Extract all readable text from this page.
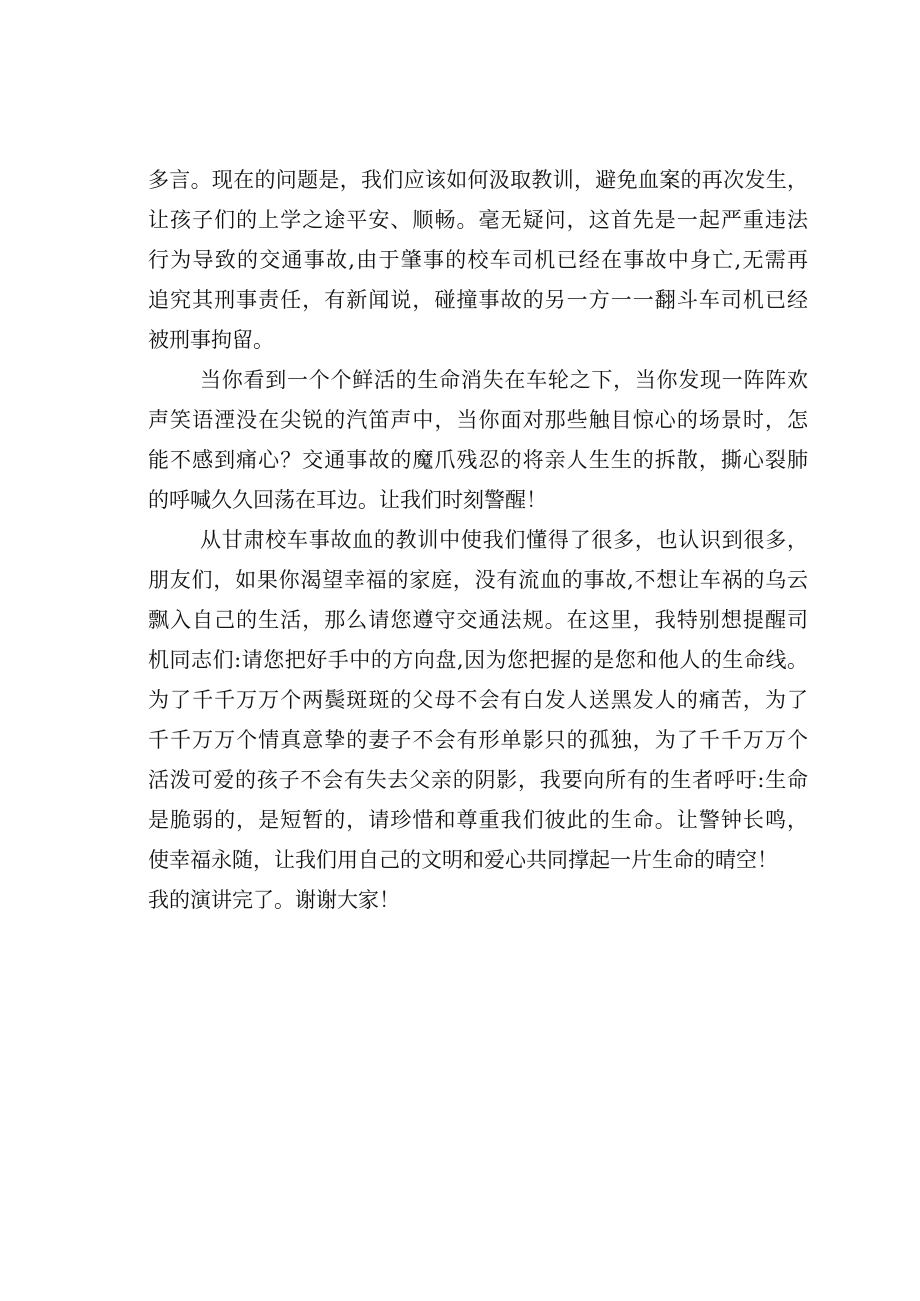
多言。现在的问题是，我们应该如何汲取教训，避免血案的再次发生，
让孩子们的上学之途平安、顺畅。毫无疑问，这首先是一起严重违法
行为导致的交通事故,由于肇事的校车司机已经在事故中身亡,无需再
追究其刑事责任，有新闻说，碰撞事故的另一方一一翻斗车司机已经
被刑事拘留。
当你看到一个个鲜活的生命消失在车轮之下，当你发现一阵阵欢
声笑语湮没在尖锐的汽笛声中，当你面对那些触目惊心的场景时，怎
能不感到痛心？交通事故的魔爪残忍的将亲人生生的拆散，撕心裂肺
的呼喊久久回荡在耳边。让我们时刻警醒！
从甘肃校车事故血的教训中使我们懂得了很多，也认识到很多，
朋友们，如果你渴望幸福的家庭，没有流血的事故,不想让车祸的乌云
飘入自己的生活，那么请您遵守交通法规。在这里，我特别想提醒司
机同志们:请您把好手中的方向盘,因为您把握的是您和他人的生命线。
为了千千万万个两鬓斑斑的父母不会有白发人送黑发人的痛苦，为了
千千万万个情真意挚的妻子不会有形单影只的孤独，为了千千万万个
活泼可爱的孩子不会有失去父亲的阴影，我要向所有的生者呼吁:生命
是脆弱的，是短暂的，请珍惜和尊重我们彼此的生命。让警钟长鸣，
使幸福永随，让我们用自己的文明和爱心共同撑起一片生命的晴空！
我的演讲完了。谢谢大家！
